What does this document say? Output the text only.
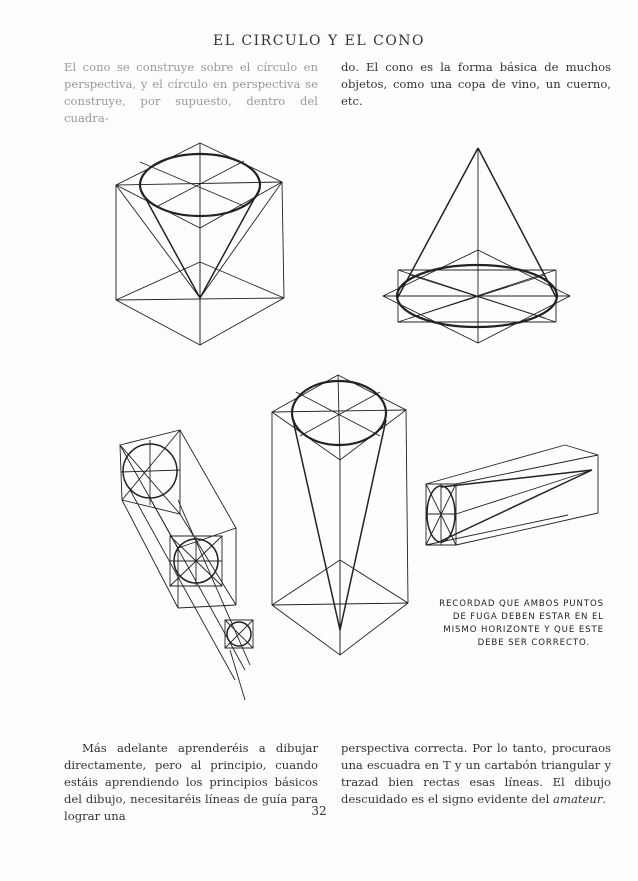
EL CIRCULO Y EL CONO

El cono se construye sobre el círculo en perspectiva, y el círculo en perspectiva se construye, por supuesto, dentro del cuadra-

do. El cono es la forma básica de muchos objetos, como una copa de vino, un cuerno, etc.

RECORDAD QUE AMBOS PUNTOS
DE FUGA DEBEN ESTAR EN EL
MISMO HORIZONTE Y QUE ESTE
DEBE SER CORRECTO.

Más adelante aprenderéis a dibujar directamente, pero al principio, cuando estáis aprendiendo los principios básicos del dibujo, necesitaréis líneas de guía para lograr una

perspectiva correcta. Por lo tanto, procuraos una escuadra en T y un cartabón triangular y trazad bien rectas esas líneas. El dibujo descuidado es el signo evidente del amateur.

32
